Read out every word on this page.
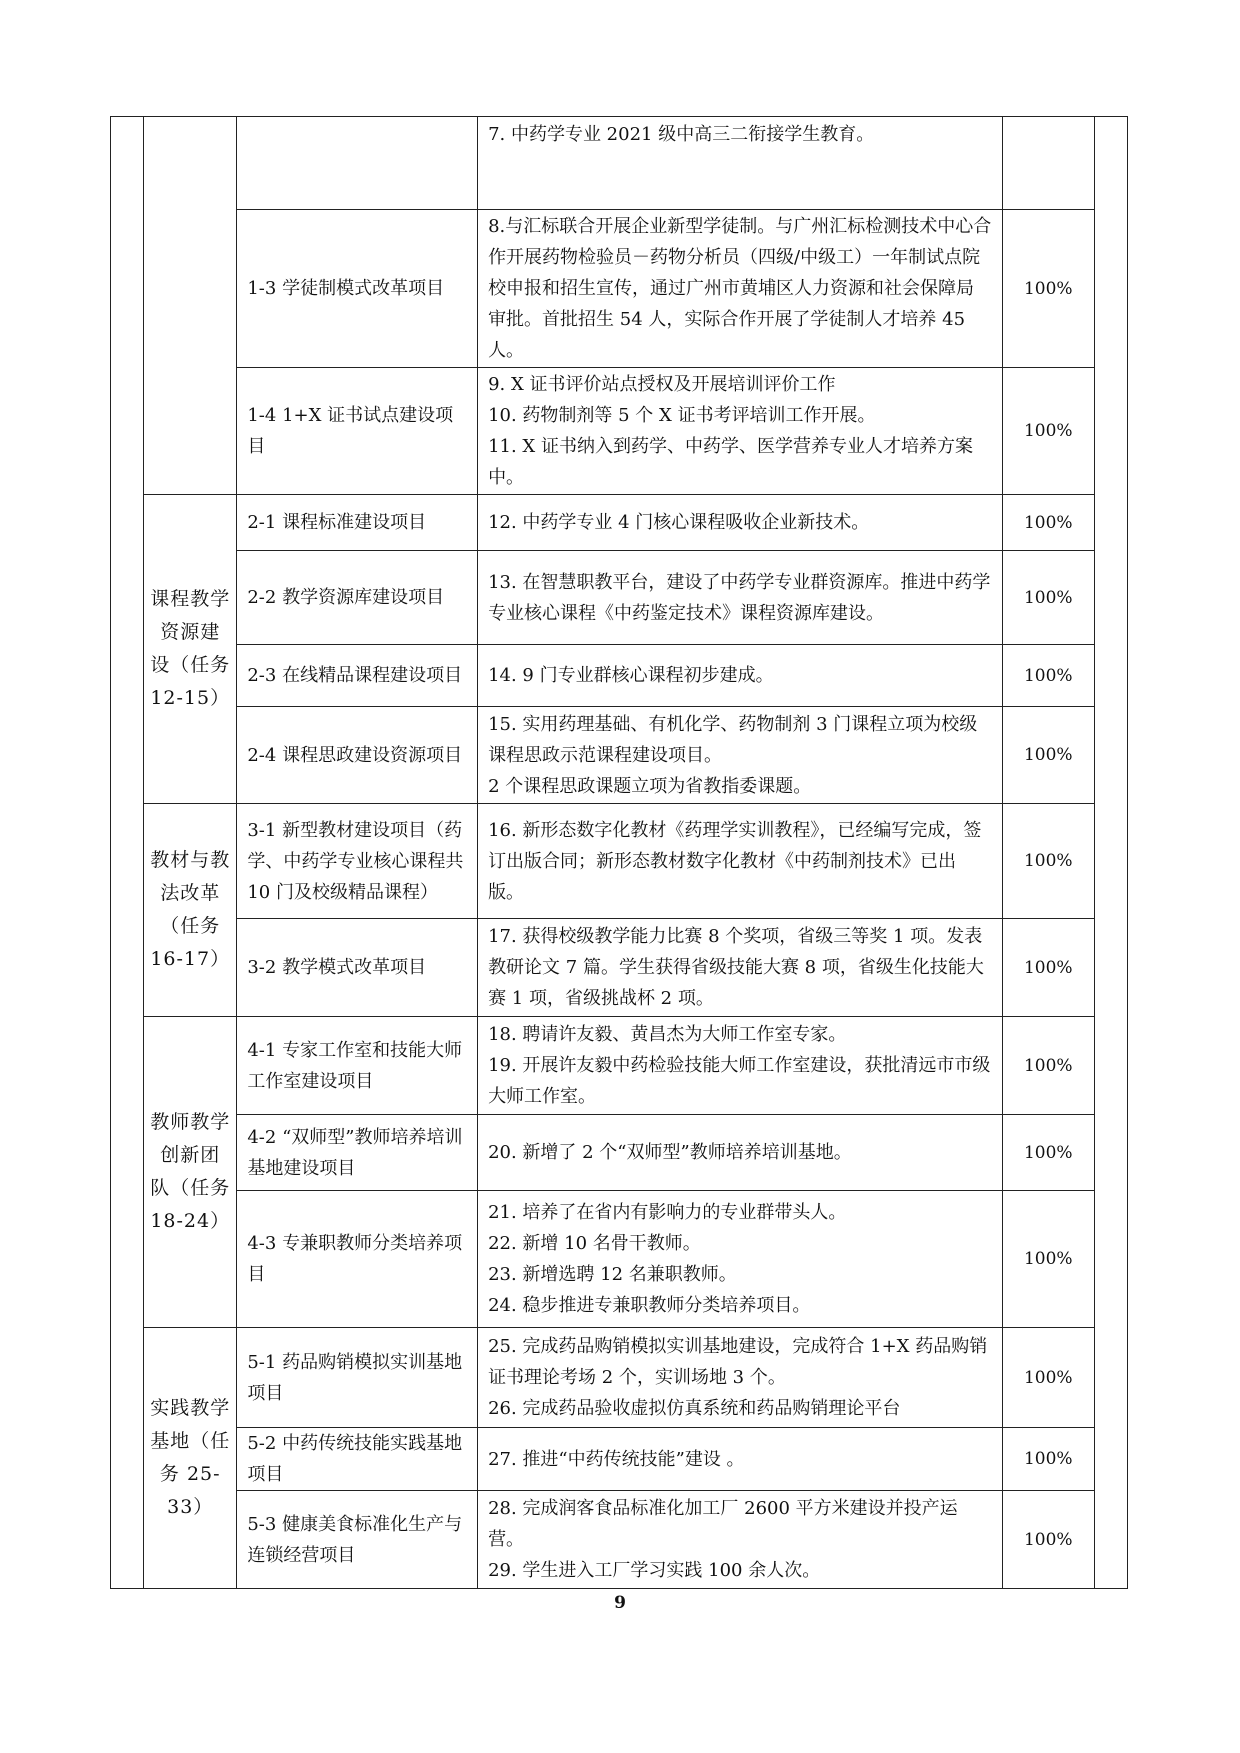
			7. 中药学专业 2021 级中高三二衔接学生教育。		

		1-3 学徒制模式改革项目	8.与汇标联合开展企业新型学徒制。与广州汇标检测技术中心合作开展药物检验员－药物分析员（四级/中级工）一年制试点院校申报和招生宣传，通过广州市黄埔区人力资源和社会保障局审批。首批招生 54 人，实际合作开展了学徒制人才培养 45 人。	100%	
		1-4 1+X 证书试点建设项目	9. X 证书评价站点授权及开展培训评价工作

10. 药物制剂等 5 个 X 证书考评培训工作开展。

11. X 证书纳入到药学、中药学、医学营养专业人才培养方案中。	100%	
	课程教学资源建 设（任务 12-15）	2-1 课程标准建设项目	12. 中药学专业 4 门核心课程吸收企业新技术。	100%	
		2-2 教学资源库建设项目	13. 在智慧职教平台，建设了中药学专业群资源库。推进中药学专业核心课程《中药鉴定技术》课程资源库建设。	100%	
		2-3 在线精品课程建设项目	14. 9 门专业群核心课程初步建成。	100%	
		2-4 课程思政建设资源项目	15. 实用药理基础、有机化学、药物制剂 3 门课程立项为校级课程思政示范课程建设项目。

2 个课程思政课题立项为省教指委课题。	100%	
	教材与教法改革（任务 16-17）	3-1 新型教材建设项目（药学、中药学专业核心课程共 10 门及校级精品课程）	16. 新形态数字化教材《药理学实训教程》，已经编写完成，签订出版合同；新形态教材数字化教材《中药制剂技术》已出版。	100%	
		3-2 教学模式改革项目	17. 获得校级教学能力比赛 8 个奖项，省级三等奖 1 项。发表教研论文 7 篇。学生获得省级技能大赛 8 项，省级生化技能大赛 1 项，省级挑战杯 2 项。	100%	
	教师教学创新团 队（任务 18-24）	4-1 专家工作室和技能大师工作室建设项目	18. 聘请许友毅、黄昌杰为大师工作室专家。

19. 开展许友毅中药检验技能大师工作室建设，获批清远市市级大师工作室。	100%	
		4-2 “双师型”教师培养培训基地建设项目	20. 新增了 2 个“双师型”教师培养培训基地。	100%	
		4-3 专兼职教师分类培养项目	21. 培养了在省内有影响力的专业群带头人。

22. 新增 10 名骨干教师。

23. 新增选聘 12 名兼职教师。

24. 稳步推进专兼职教师分类培养项目。	100%	
	实践教学基地（任务 25-33）	5-1 药品购销模拟实训基地项目	25. 完成药品购销模拟实训基地建设，完成符合 1+X 药品购销证书理论考场 2 个，实训场地 3 个。

26. 完成药品验收虚拟仿真系统和药品购销理论平台	100%	
		5-2 中药传统技能实践基地项目	27. 推进“中药传统技能”建设 。	100%	
		5-3 健康美食标准化生产与连锁经营项目	28. 完成润客食品标准化加工厂 2600 平方米建设并投产运营。

29. 学生进入工厂学习实践 100 余人次。	100%	
9
